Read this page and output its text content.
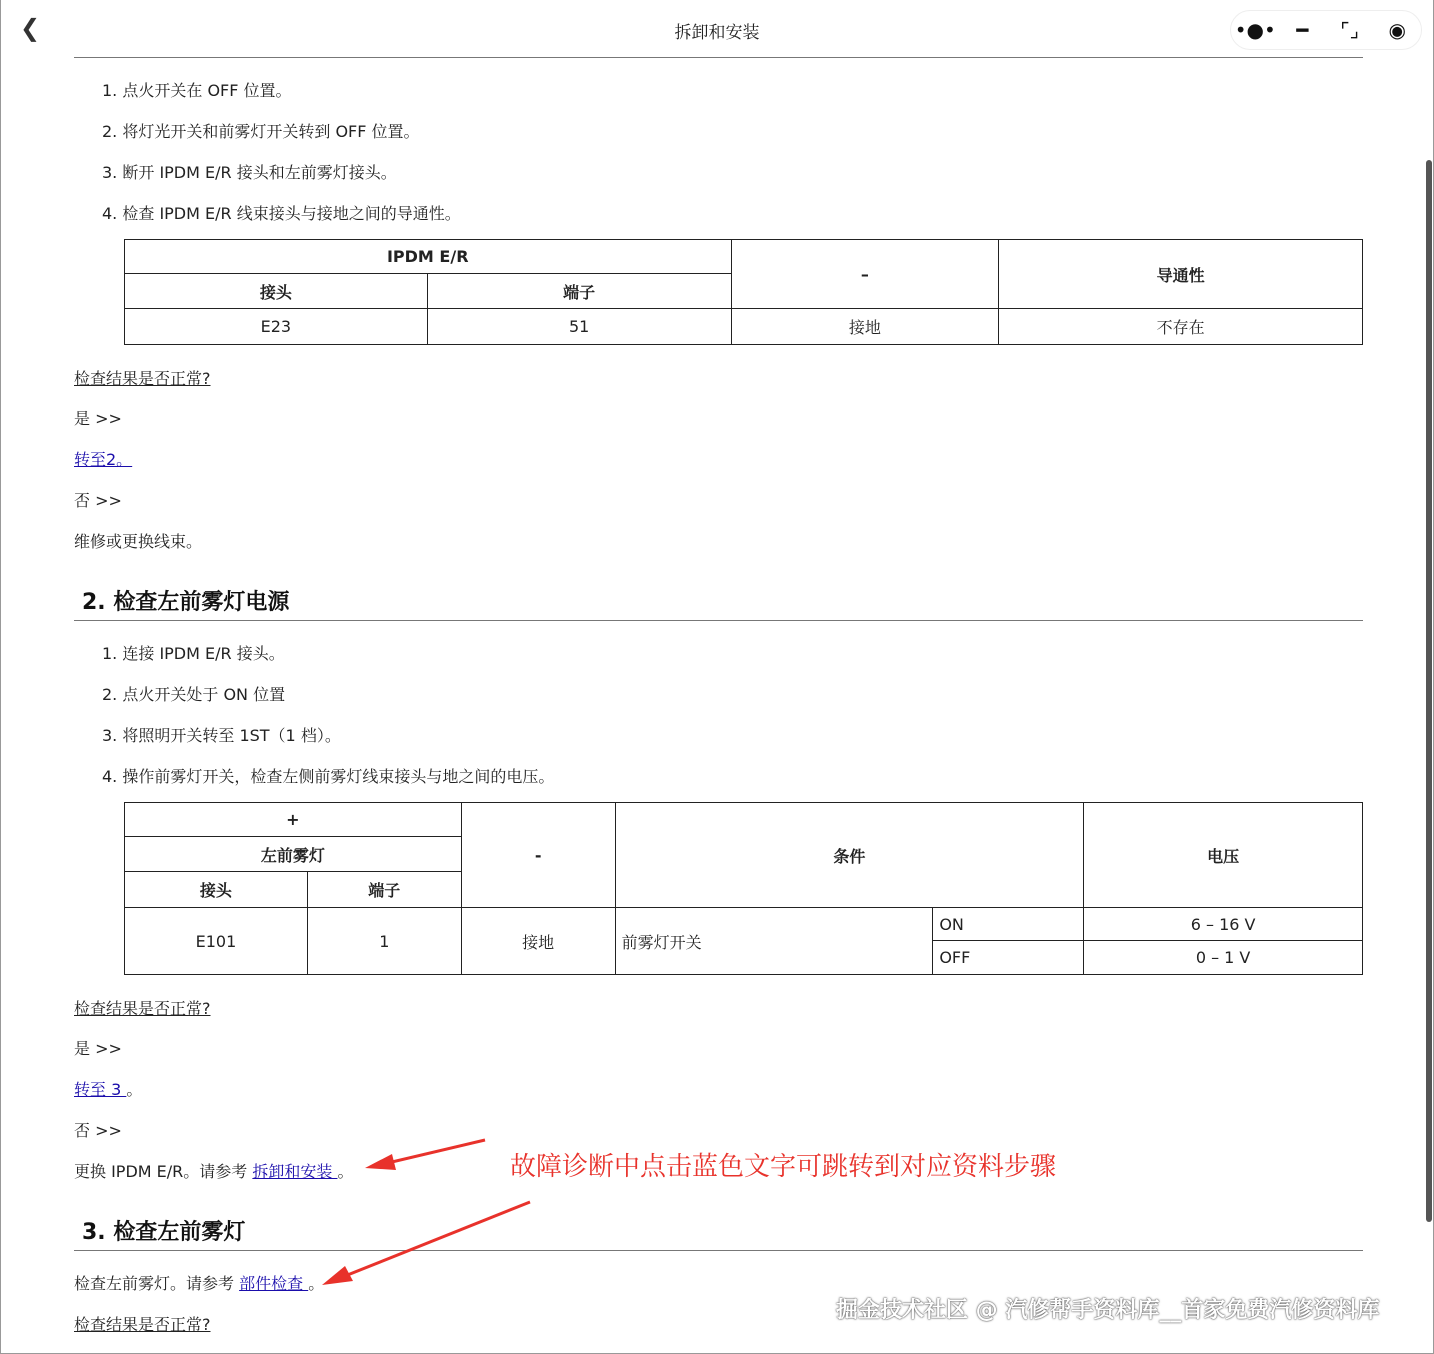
❮	拆卸和安装	•●•	━	⌜⌟	◉
1. 点火开关在 OFF 位置。
2. 将灯光开关和前雾灯开关转到 OFF 位置。
3. 断开 IPDM E/R 接头和左前雾灯接头。
4. 检查 IPDM E/R 线束接头与接地之间的导通性。
IPDM E/R		–	导通性
接头	端子		
E23	51	接地	不存在
检查结果是否正常?
是 >>
转至2。
否 >>
维修或更换线束。
2. 检查左前雾灯电源
1. 连接 IPDM E/R 接头。
2. 点火开关处于 ON 位置
3. 将照明开关转至 1ST（1 档）。
4. 操作前雾灯开关，检查左侧前雾灯线束接头与地之间的电压。
+		-	条件		电压
左前雾灯					
接头	端子				
E101	1	接地	前雾灯开关	ON	6 – 16 V
				OFF	0 – 1 V
检查结果是否正常?
是 >>
转至 3 。
否 >>
更换 IPDM E/R。请参考 拆卸和安装 。
3. 检查左前雾灯
检查左前雾灯。请参考 部件检查 。
检查结果是否正常?
故障诊断中点击蓝色文字可跳转到对应资料步骤
掘金技术社区 @ 汽修帮手资料库__首家免费汽修资料库
